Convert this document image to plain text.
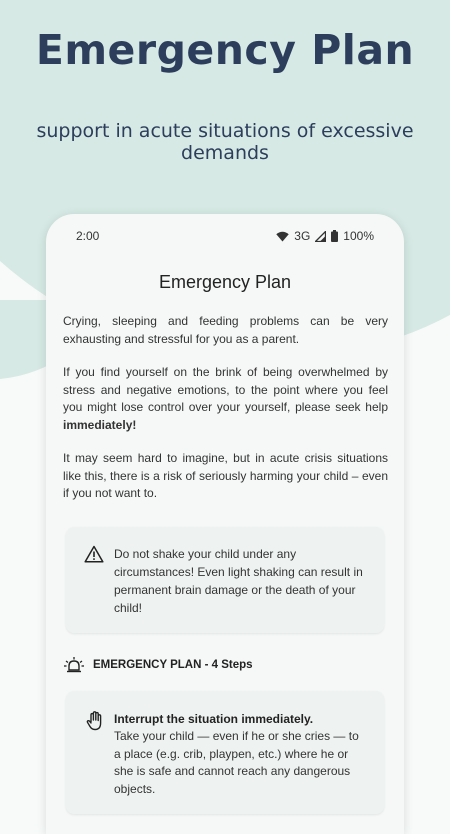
Emergency Plan
support in acute situations of excessive demands
2:00	3G	100%
Emergency Plan

Crying, sleeping and feeding problems can be very exhausting and stressful for you as a parent.

If you find yourself on the brink of being overwhelmed by stress and negative emotions, to the point where you feel you might lose control over your yourself, please seek help immediately!

It may seem hard to imagine, but in acute crisis situations like this, there is a risk of seriously harming your child – even if you not want to.

Do not shake your child under any circumstances! Even light shaking can result in permanent brain damage or the death of your child!
EMERGENCY PLAN - 4 Steps
Interrupt the situation immediately.
Take your child — even if he or she cries — to a place (e.g. crib, playpen, etc.) where he or she is safe and cannot reach any dangerous objects.
